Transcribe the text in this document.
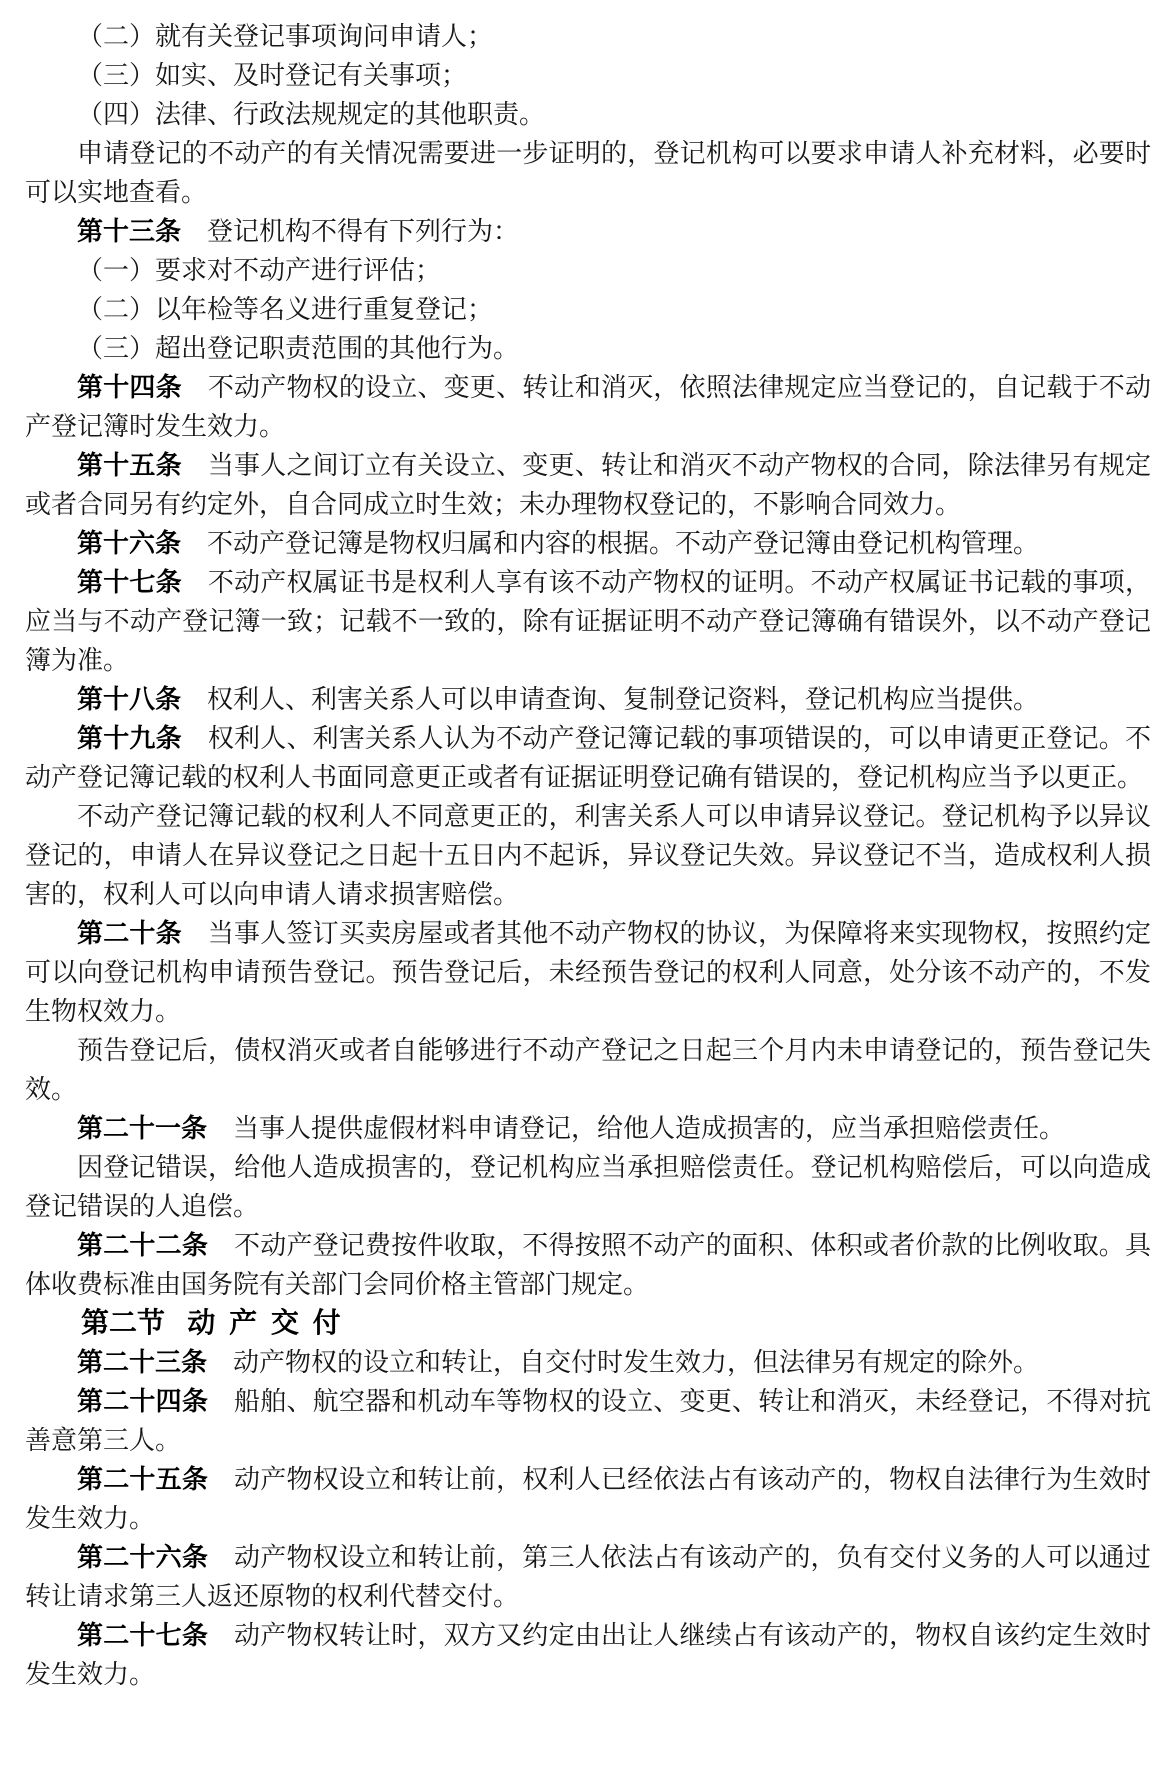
（二）就有关登记事项询问申请人；

（三）如实、及时登记有关事项；

（四）法律、行政法规规定的其他职责。

申请登记的不动产的有关情况需要进一步证明的，登记机构可以要求申请人补充材料，必要时可以实地查看。

第十三条 登记机构不得有下列行为：

（一）要求对不动产进行评估；

（二）以年检等名义进行重复登记；

（三）超出登记职责范围的其他行为。

第十四条 不动产物权的设立、变更、转让和消灭，依照法律规定应当登记的，自记载于不动产登记簿时发生效力。

第十五条 当事人之间订立有关设立、变更、转让和消灭不动产物权的合同，除法律另有规定或者合同另有约定外，自合同成立时生效；未办理物权登记的，不影响合同效力。

第十六条 不动产登记簿是物权归属和内容的根据。不动产登记簿由登记机构管理。

第十七条 不动产权属证书是权利人享有该不动产物权的证明。不动产权属证书记载的事项，应当与不动产登记簿一致；记载不一致的，除有证据证明不动产登记簿确有错误外，以不动产登记簿为准。

第十八条 权利人、利害关系人可以申请查询、复制登记资料，登记机构应当提供。

第十九条 权利人、利害关系人认为不动产登记簿记载的事项错误的，可以申请更正登记。不动产登记簿记载的权利人书面同意更正或者有证据证明登记确有错误的，登记机构应当予以更正。

不动产登记簿记载的权利人不同意更正的，利害关系人可以申请异议登记。登记机构予以异议登记的，申请人在异议登记之日起十五日内不起诉，异议登记失效。异议登记不当，造成权利人损害的，权利人可以向申请人请求损害赔偿。

第二十条 当事人签订买卖房屋或者其他不动产物权的协议，为保障将来实现物权，按照约定可以向登记机构申请预告登记。预告登记后，未经预告登记的权利人同意，处分该不动产的，不发生物权效力。

预告登记后，债权消灭或者自能够进行不动产登记之日起三个月内未申请登记的，预告登记失效。

第二十一条 当事人提供虚假材料申请登记，给他人造成损害的，应当承担赔偿责任。

因登记错误，给他人造成损害的，登记机构应当承担赔偿责任。登记机构赔偿后，可以向造成登记错误的人追偿。

第二十二条 不动产登记费按件收取，不得按照不动产的面积、体积或者价款的比例收取。具体收费标准由国务院有关部门会同价格主管部门规定。

第二节 动 产 交 付

第二十三条 动产物权的设立和转让，自交付时发生效力，但法律另有规定的除外。

第二十四条 船舶、航空器和机动车等物权的设立、变更、转让和消灭，未经登记，不得对抗善意第三人。

第二十五条 动产物权设立和转让前，权利人已经依法占有该动产的，物权自法律行为生效时发生效力。

第二十六条 动产物权设立和转让前，第三人依法占有该动产的，负有交付义务的人可以通过转让请求第三人返还原物的权利代替交付。

第二十七条 动产物权转让时，双方又约定由出让人继续占有该动产的，物权自该约定生效时发生效力。
